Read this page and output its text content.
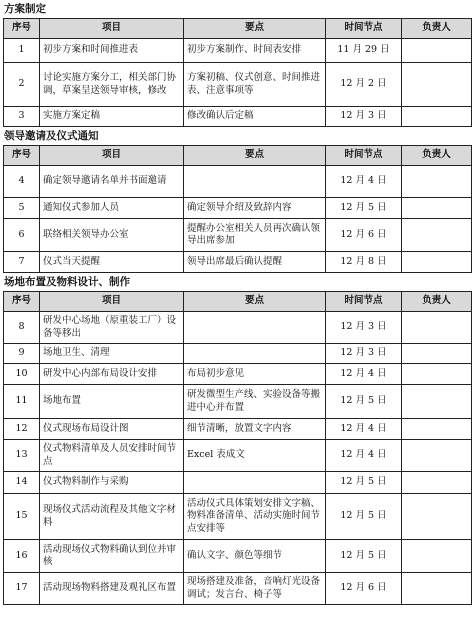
方案制定
序号	项目	要点	时间节点	负责人
1	初步方案和时间推进表	初步方案制作、时间表安排	11 月 29 日	
2	讨论实施方案分工，相关部门协调，草案呈送领导审核，修改	方案初稿、仪式创意、时间推进表、注意事项等	12 月 2 日	
3	实施方案定稿	修改确认后定稿	12 月 3 日	
领导邀请及仪式通知
序号	项目	要点	时间节点	负责人
4	确定领导邀请名单并书面邀请		12 月 4 日	
5	通知仪式参加人员	确定领导介绍及致辞内容	12 月 5 日	
6	联络相关领导办公室	提醒办公室相关人员再次确认领导出席参加	12 月 6 日	
7	仪式当天提醒	领导出席最后确认提醒	12 月 8 日	
场地布置及物料设计、制作
序号	项目	要点	时间节点	负责人
8	研发中心场地（原重装工厂）设备等移出		12 月 3 日	
9	场地卫生、清理		12 月 3 日	
10	研发中心内部布局设计安排	布局初步意见	12 月 4 日	
11	场地布置	研发微型生产线、实验设备等搬进中心并布置	12 月 5 日	
12	仪式现场布局设计图	细节清晰，放置文字内容	12 月 4 日	
13	仪式物料清单及人员安排时间节点	Excel 表成文	12 月 4 日	
14	仪式物料制作与采购		12 月 5 日	
15	现场仪式活动流程及其他文字材料	活动仪式具体策划安排文字稿、物料准备清单、活动实施时间节点安排等	12 月 5 日	
16	活动现场仪式物料确认到位并审核	确认文字、颜色等细节	12 月 5 日	
17	活动现场物料搭建及观礼区布置	现场搭建及准备，音响灯光设备调试；发言台、椅子等	12 月 6 日	
